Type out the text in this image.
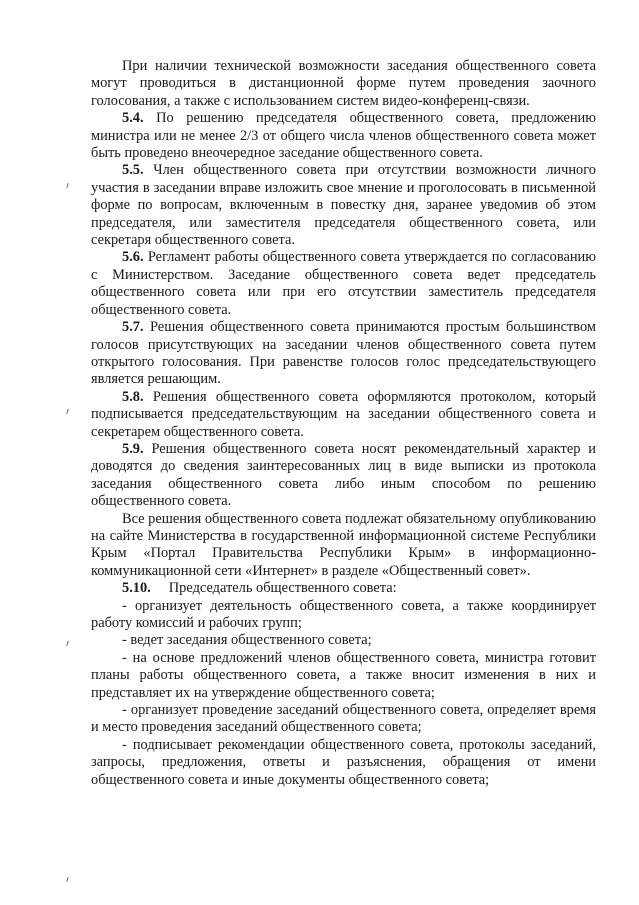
При наличии технической возможности заседания общественного совета могут проводиться в дистанционной форме путем проведения заочного голосования, а также с использованием систем видео-конференц-связи.

5.4. По решению председателя общественного совета, предложению министра или не менее 2/3 от общего числа членов общественного совета может быть проведено внеочередное заседание общественного совета.

5.5. Член общественного совета при отсутствии возможности личного участия в заседании вправе изложить свое мнение и проголосовать в письменной форме по вопросам, включенным в повестку дня, заранее уведомив об этом председателя, или заместителя председателя общественного совета, или секретаря общественного совета.

5.6. Регламент работы общественного совета утверждается по согласованию с Министерством. Заседание общественного совета ведет председатель общественного совета или при его отсутствии заместитель председателя общественного совета.

5.7. Решения общественного совета принимаются простым большинством голосов присутствующих на заседании членов общественного совета путем открытого голосования. При равенстве голосов голос председательствующего является решающим.

5.8. Решения общественного совета оформляются протоколом, который подписывается председательствующим на заседании общественного совета и секретарем общественного совета.

5.9. Решения общественного совета носят рекомендательный характер и доводятся до сведения заинтересованных лиц в виде выписки из протокола заседания общественного совета либо иным способом по решению общественного совета.

Все решения общественного совета подлежат обязательному опубликованию на сайте Министерства в государственной информационной системе Республики Крым «Портал Правительства Республики Крым» в информационно-коммуникационной сети «Интернет» в разделе «Общественный совет».

5.10. Председатель общественного совета:

- организует деятельность общественного совета, а также координирует работу комиссий и рабочих групп;

- ведет заседания общественного совета;

- на основе предложений членов общественного совета, министра готовит планы работы общественного совета, а также вносит изменения в них и представляет их на утверждение общественного совета;

- организует проведение заседаний общественного совета, определяет время и место проведения заседаний общественного совета;

- подписывает рекомендации общественного совета, протоколы заседаний, запросы, предложения, ответы и разъяснения, обращения от имени общественного совета и иные документы общественного совета;
